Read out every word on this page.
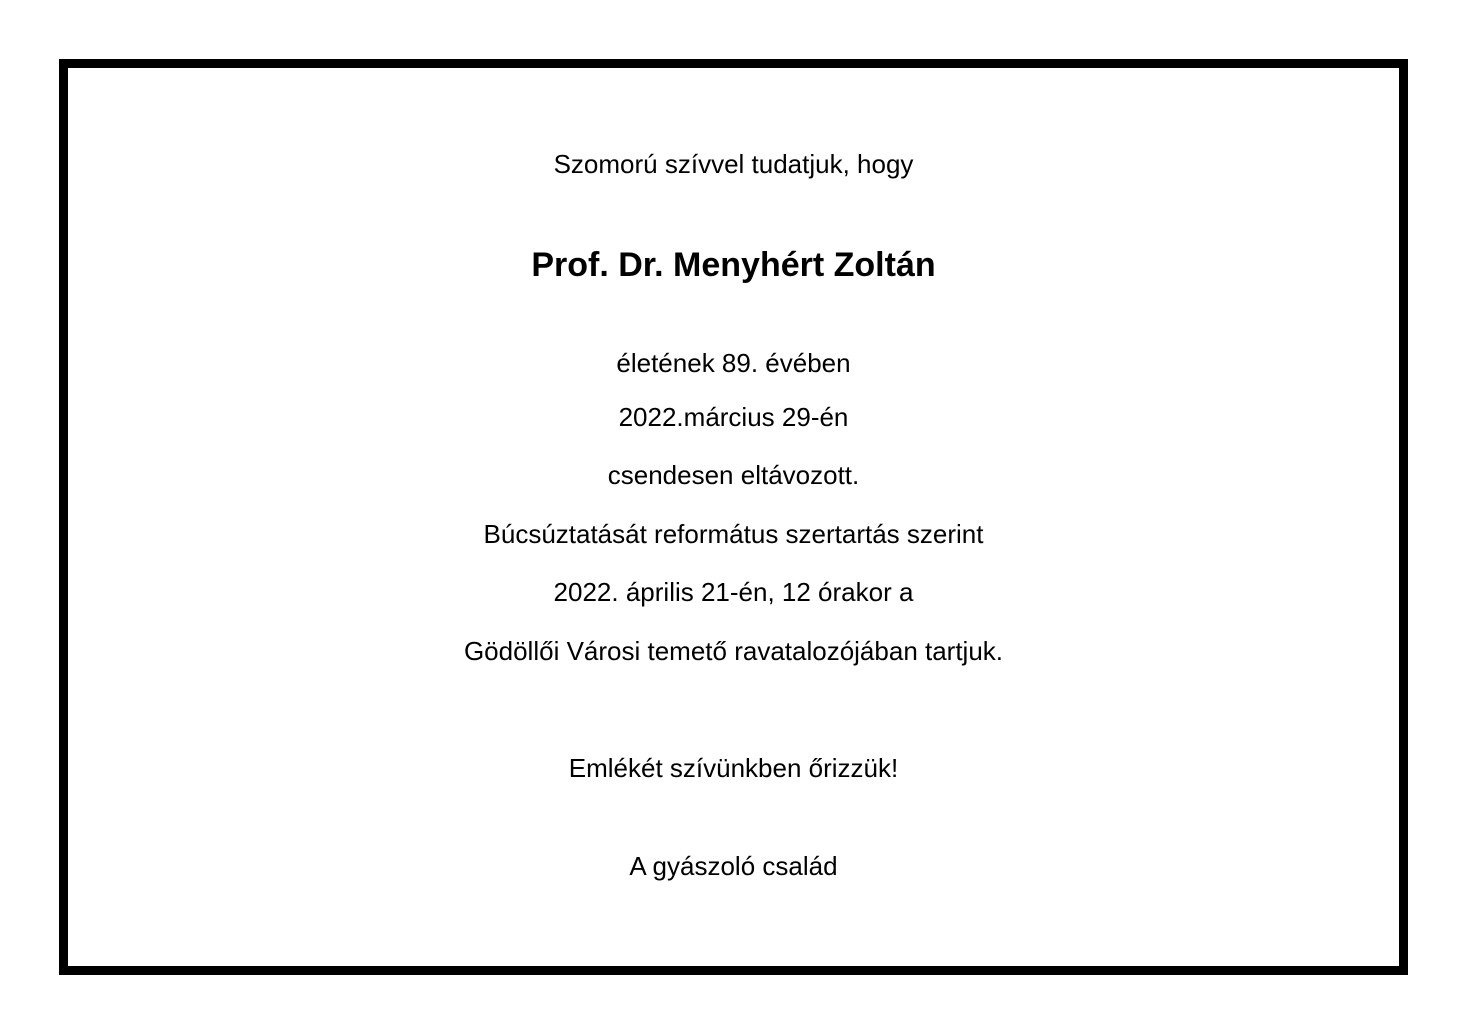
Szomorú szívvel tudatjuk, hogy
Prof. Dr. Menyhért Zoltán
életének 89. évében
2022.március 29-én
csendesen eltávozott.
Búcsúztatását református szertartás szerint
2022. április 21-én, 12 órakor a
Gödöllői Városi temető ravatalozójában tartjuk.
Emlékét szívünkben őrizzük!
A gyászoló család
